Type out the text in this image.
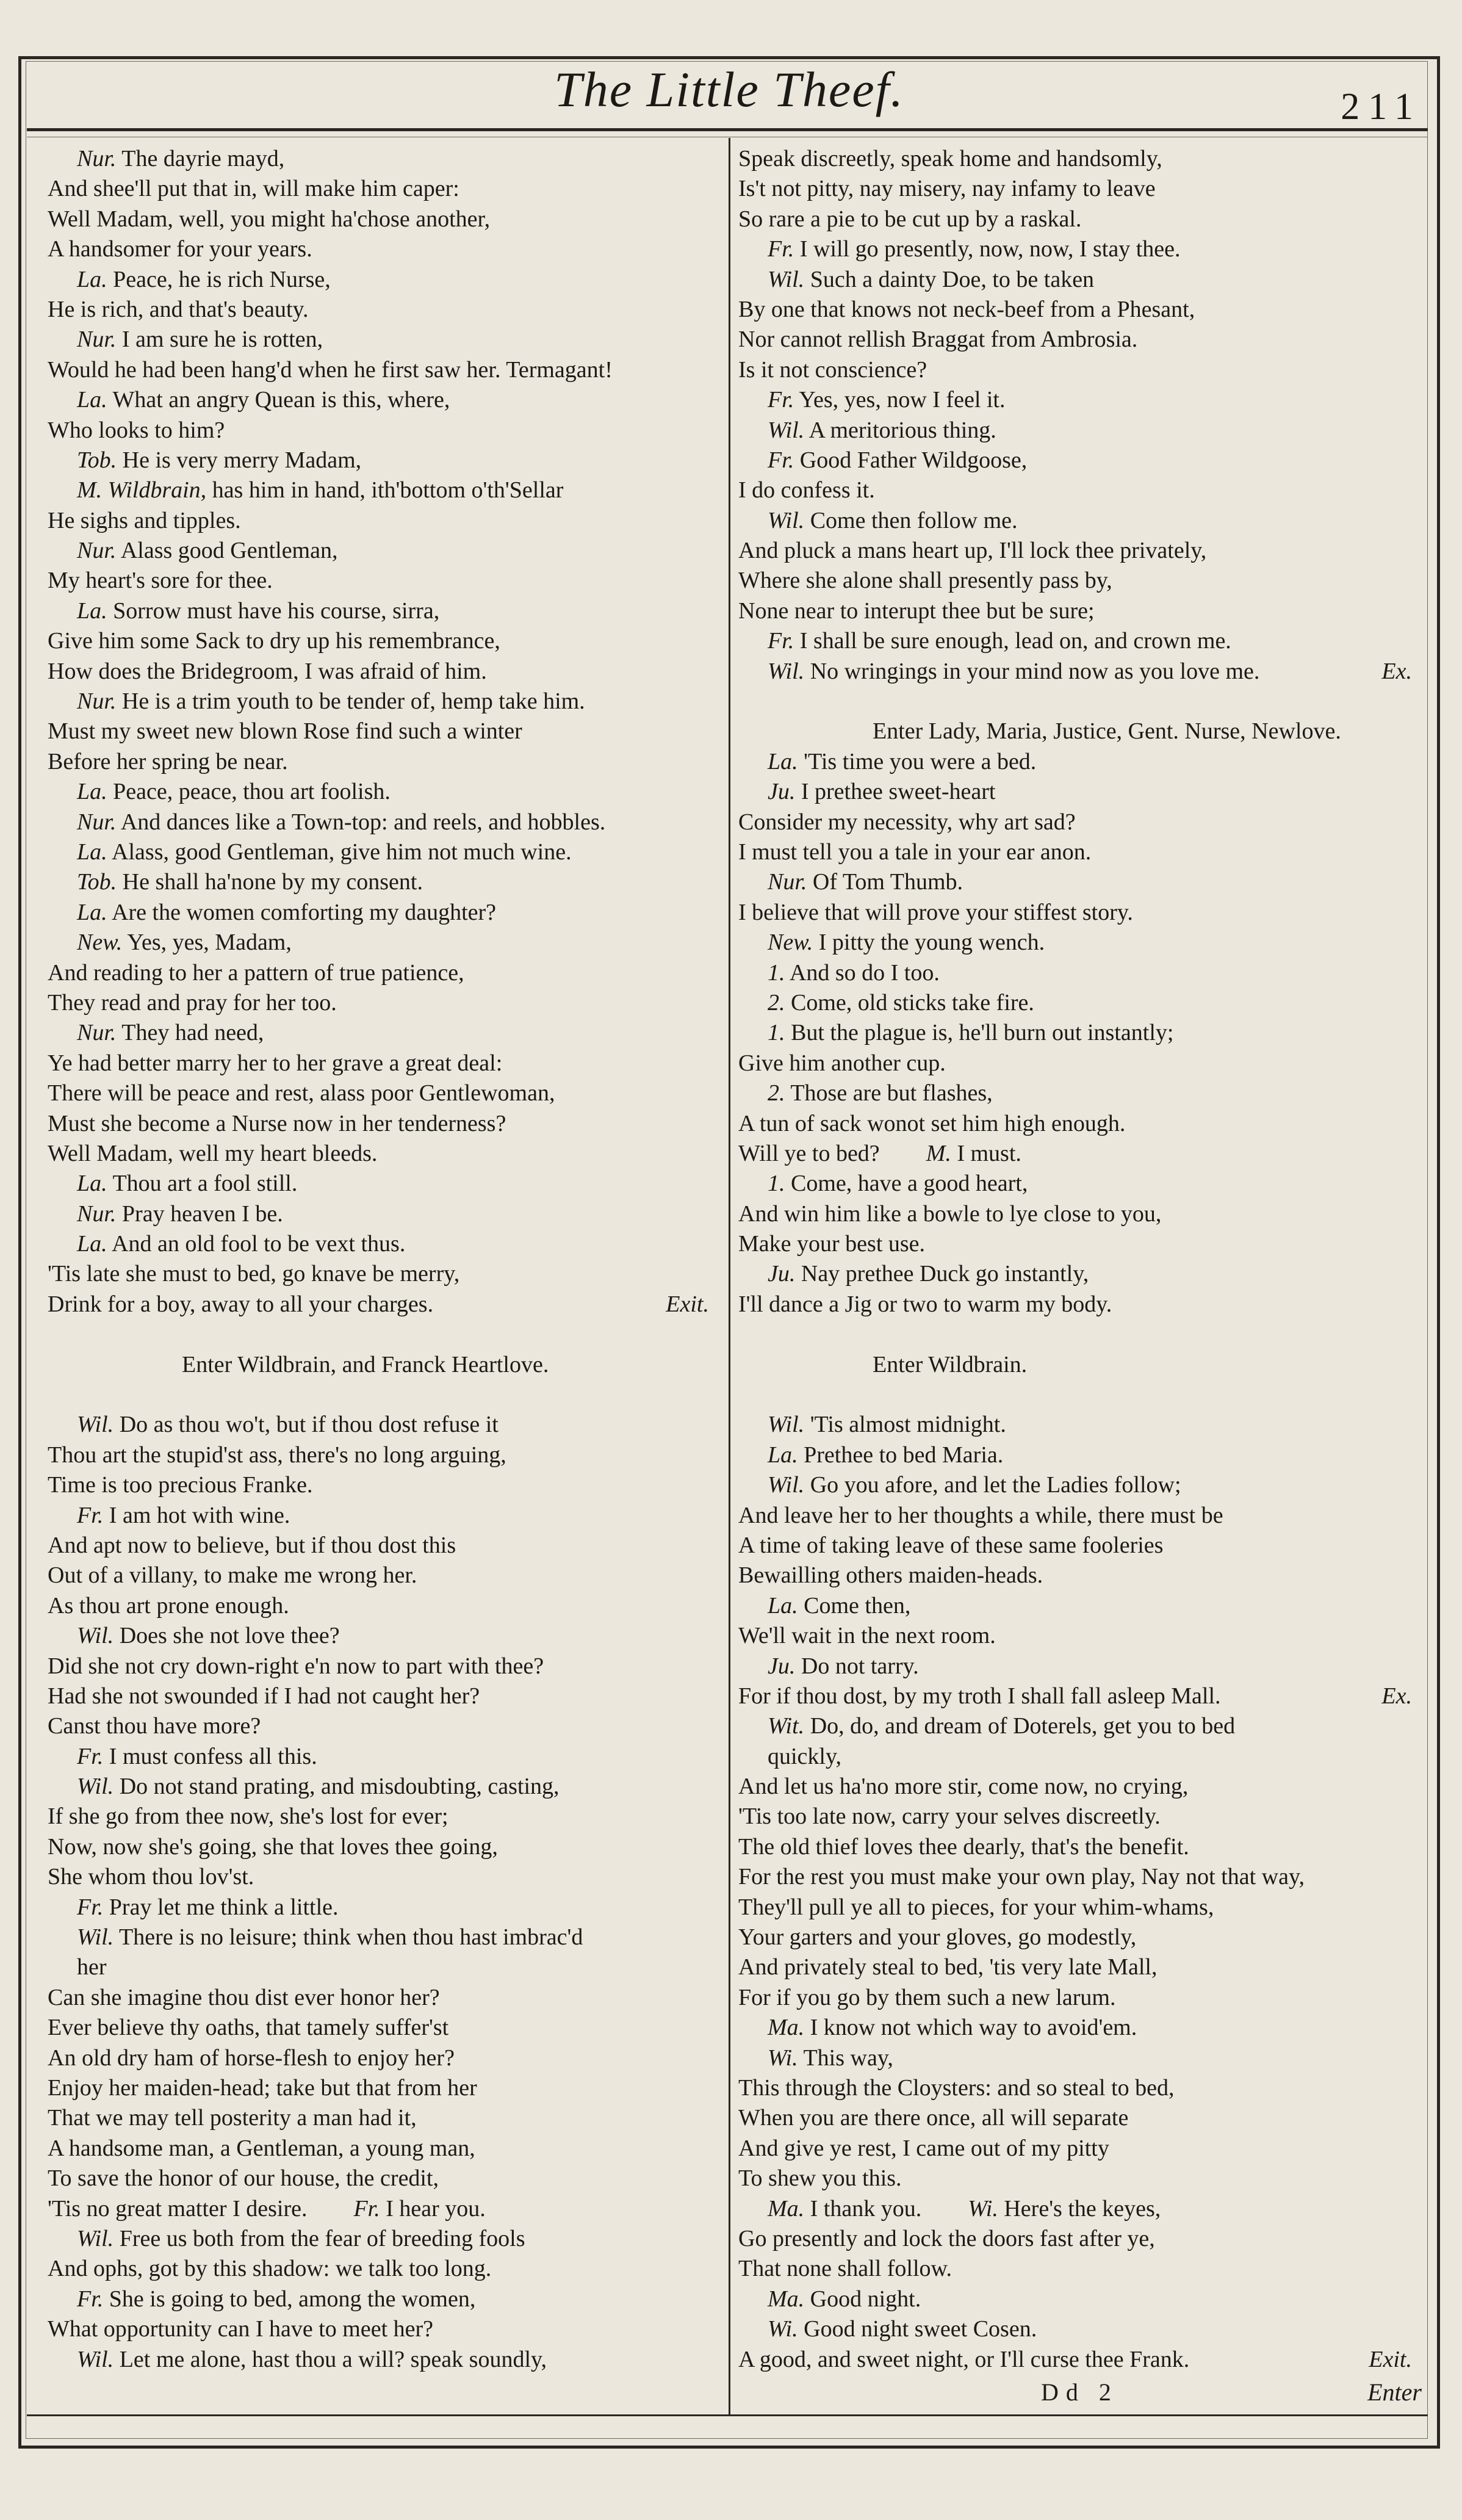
The Little Theef.	211
Nur. The dayrie mayd,
And shee'll put that in, will make him caper:
Well Madam, well, you might ha'chose another,
A handsomer for your years.
La. Peace, he is rich Nurse,
He is rich, and that's beauty.
Nur. I am sure he is rotten,
Would he had been hang'd when he first saw her. Termagant!
La. What an angry Quean is this, where,
Who looks to him?
Tob. He is very merry Madam,
M. Wildbrain, has him in hand, ith'bottom o'th'Sellar
He sighs and tipples.
Nur. Alass good Gentleman,
My heart's sore for thee.
La. Sorrow must have his course, sirra,
Give him some Sack to dry up his remembrance,
How does the Bridegroom, I was afraid of him.
Nur. He is a trim youth to be tender of, hemp take him.
Must my sweet new blown Rose find such a winter
Before her spring be near.
La. Peace, peace, thou art foolish.
Nur. And dances like a Town-top: and reels, and hobbles.
La. Alass, good Gentleman, give him not much wine.
Tob. He shall ha'none by my consent.
La. Are the women comforting my daughter?
New. Yes, yes, Madam,
And reading to her a pattern of true patience,
They read and pray for her too.
Nur. They had need,
Ye had better marry her to her grave a great deal:
There will be peace and rest, alass poor Gentlewoman,
Must she become a Nurse now in her tenderness?
Well Madam, well my heart bleeds.
La. Thou art a fool still.
Nur. Pray heaven I be.
La. And an old fool to be vext thus.
'Tis late she must to bed, go knave be merry,
Exit.
Drink for a boy, away to all your charges.
Enter Wildbrain, and Franck Heartlove.
Wil. Do as thou wo't, but if thou dost refuse it
Thou art the stupid'st ass, there's no long arguing,
Time is too precious Franke.
Fr. I am hot with wine.
And apt now to believe, but if thou dost this
Out of a villany, to make me wrong her.
As thou art prone enough.
Wil. Does she not love thee?
Did she not cry down-right e'n now to part with thee?
Had she not swounded if I had not caught her?
Canst thou have more?
Fr. I must confess all this.
Wil. Do not stand prating, and misdoubting, casting,
If she go from thee now, she's lost for ever;
Now, now she's going, she that loves thee going,
She whom thou lov'st.
Fr. Pray let me think a little.
Wil. There is no leisure; think when thou hast imbrac'd
her
Can she imagine thou dist ever honor her?
Ever believe thy oaths, that tamely suffer'st
An old dry ham of horse-flesh to enjoy her?
Enjoy her maiden-head; take but that from her
That we may tell posterity a man had it,
A handsome man, a Gentleman, a young man,
To save the honor of our house, the credit,
'Tis no great matter I desire.   Fr. I hear you.
Wil. Free us both from the fear of breeding fools
And ophs, got by this shadow: we talk too long.
Fr. She is going to bed, among the women,
What opportunity can I have to meet her?
Wil. Let me alone, hast thou a will? speak soundly,
Speak discreetly, speak home and handsomly,
Is't not pitty, nay misery, nay infamy to leave
So rare a pie to be cut up by a raskal.
Fr. I will go presently, now, now, I stay thee.
Wil. Such a dainty Doe, to be taken
By one that knows not neck-beef from a Phesant,
Nor cannot rellish Braggat from Ambrosia.
Is it not conscience?
Fr. Yes, yes, now I feel it.
Wil. A meritorious thing.
Fr. Good Father Wildgoose,
I do confess it.
Wil. Come then follow me.
And pluck a mans heart up, I'll lock thee privately,
Where she alone shall presently pass by,
None near to interupt thee but be sure;
Fr. I shall be sure enough, lead on, and crown me.
Ex.
Wil. No wringings in your mind now as you love me.
Enter Lady, Maria, Justice, Gent. Nurse, Newlove.
La. 'Tis time you were a bed.
Ju. I prethee sweet-heart
Consider my necessity, why art sad?
I must tell you a tale in your ear anon.
Nur. Of Tom Thumb.
I believe that will prove your stiffest story.
New. I pitty the young wench.
1. And so do I too.
2. Come, old sticks take fire.
1. But the plague is, he'll burn out instantly;
Give him another cup.
2. Those are but flashes,
A tun of sack wonot set him high enough.
Will ye to bed?   M. I must.
1. Come, have a good heart,
And win him like a bowle to lye close to you,
Make your best use.
Ju. Nay prethee Duck go instantly,
I'll dance a Jig or two to warm my body.
Enter Wildbrain.
Wil. 'Tis almost midnight.
La. Prethee to bed Maria.
Wil. Go you afore, and let the Ladies follow;
And leave her to her thoughts a while, there must be
A time of taking leave of these same fooleries
Bewailling others maiden-heads.
La. Come then,
We'll wait in the next room.
Ju. Do not tarry.
Ex.
For if thou dost, by my troth I shall fall asleep Mall.
Wit. Do, do, and dream of Doterels, get you to bed
quickly,
And let us ha'no more stir, come now, no crying,
'Tis too late now, carry your selves discreetly.
The old thief loves thee dearly, that's the benefit.
For the rest you must make your own play, Nay not that way,
They'll pull ye all to pieces, for your whim-whams,
Your garters and your gloves, go modestly,
And privately steal to bed, 'tis very late Mall,
For if you go by them such a new larum.
Ma. I know not which way to avoid'em.
Wi. This way,
This through the Cloysters: and so steal to bed,
When you are there once, all will separate
And give ye rest, I came out of my pitty
To shew you this.
Ma. I thank you.   Wi. Here's the keyes,
Go presently and lock the doors fast after ye,
That none shall follow.
Ma. Good night.
Wi. Good night sweet Cosen.
Exit.
A good, and sweet night, or I'll curse thee Frank.
Dd 2	Enter
